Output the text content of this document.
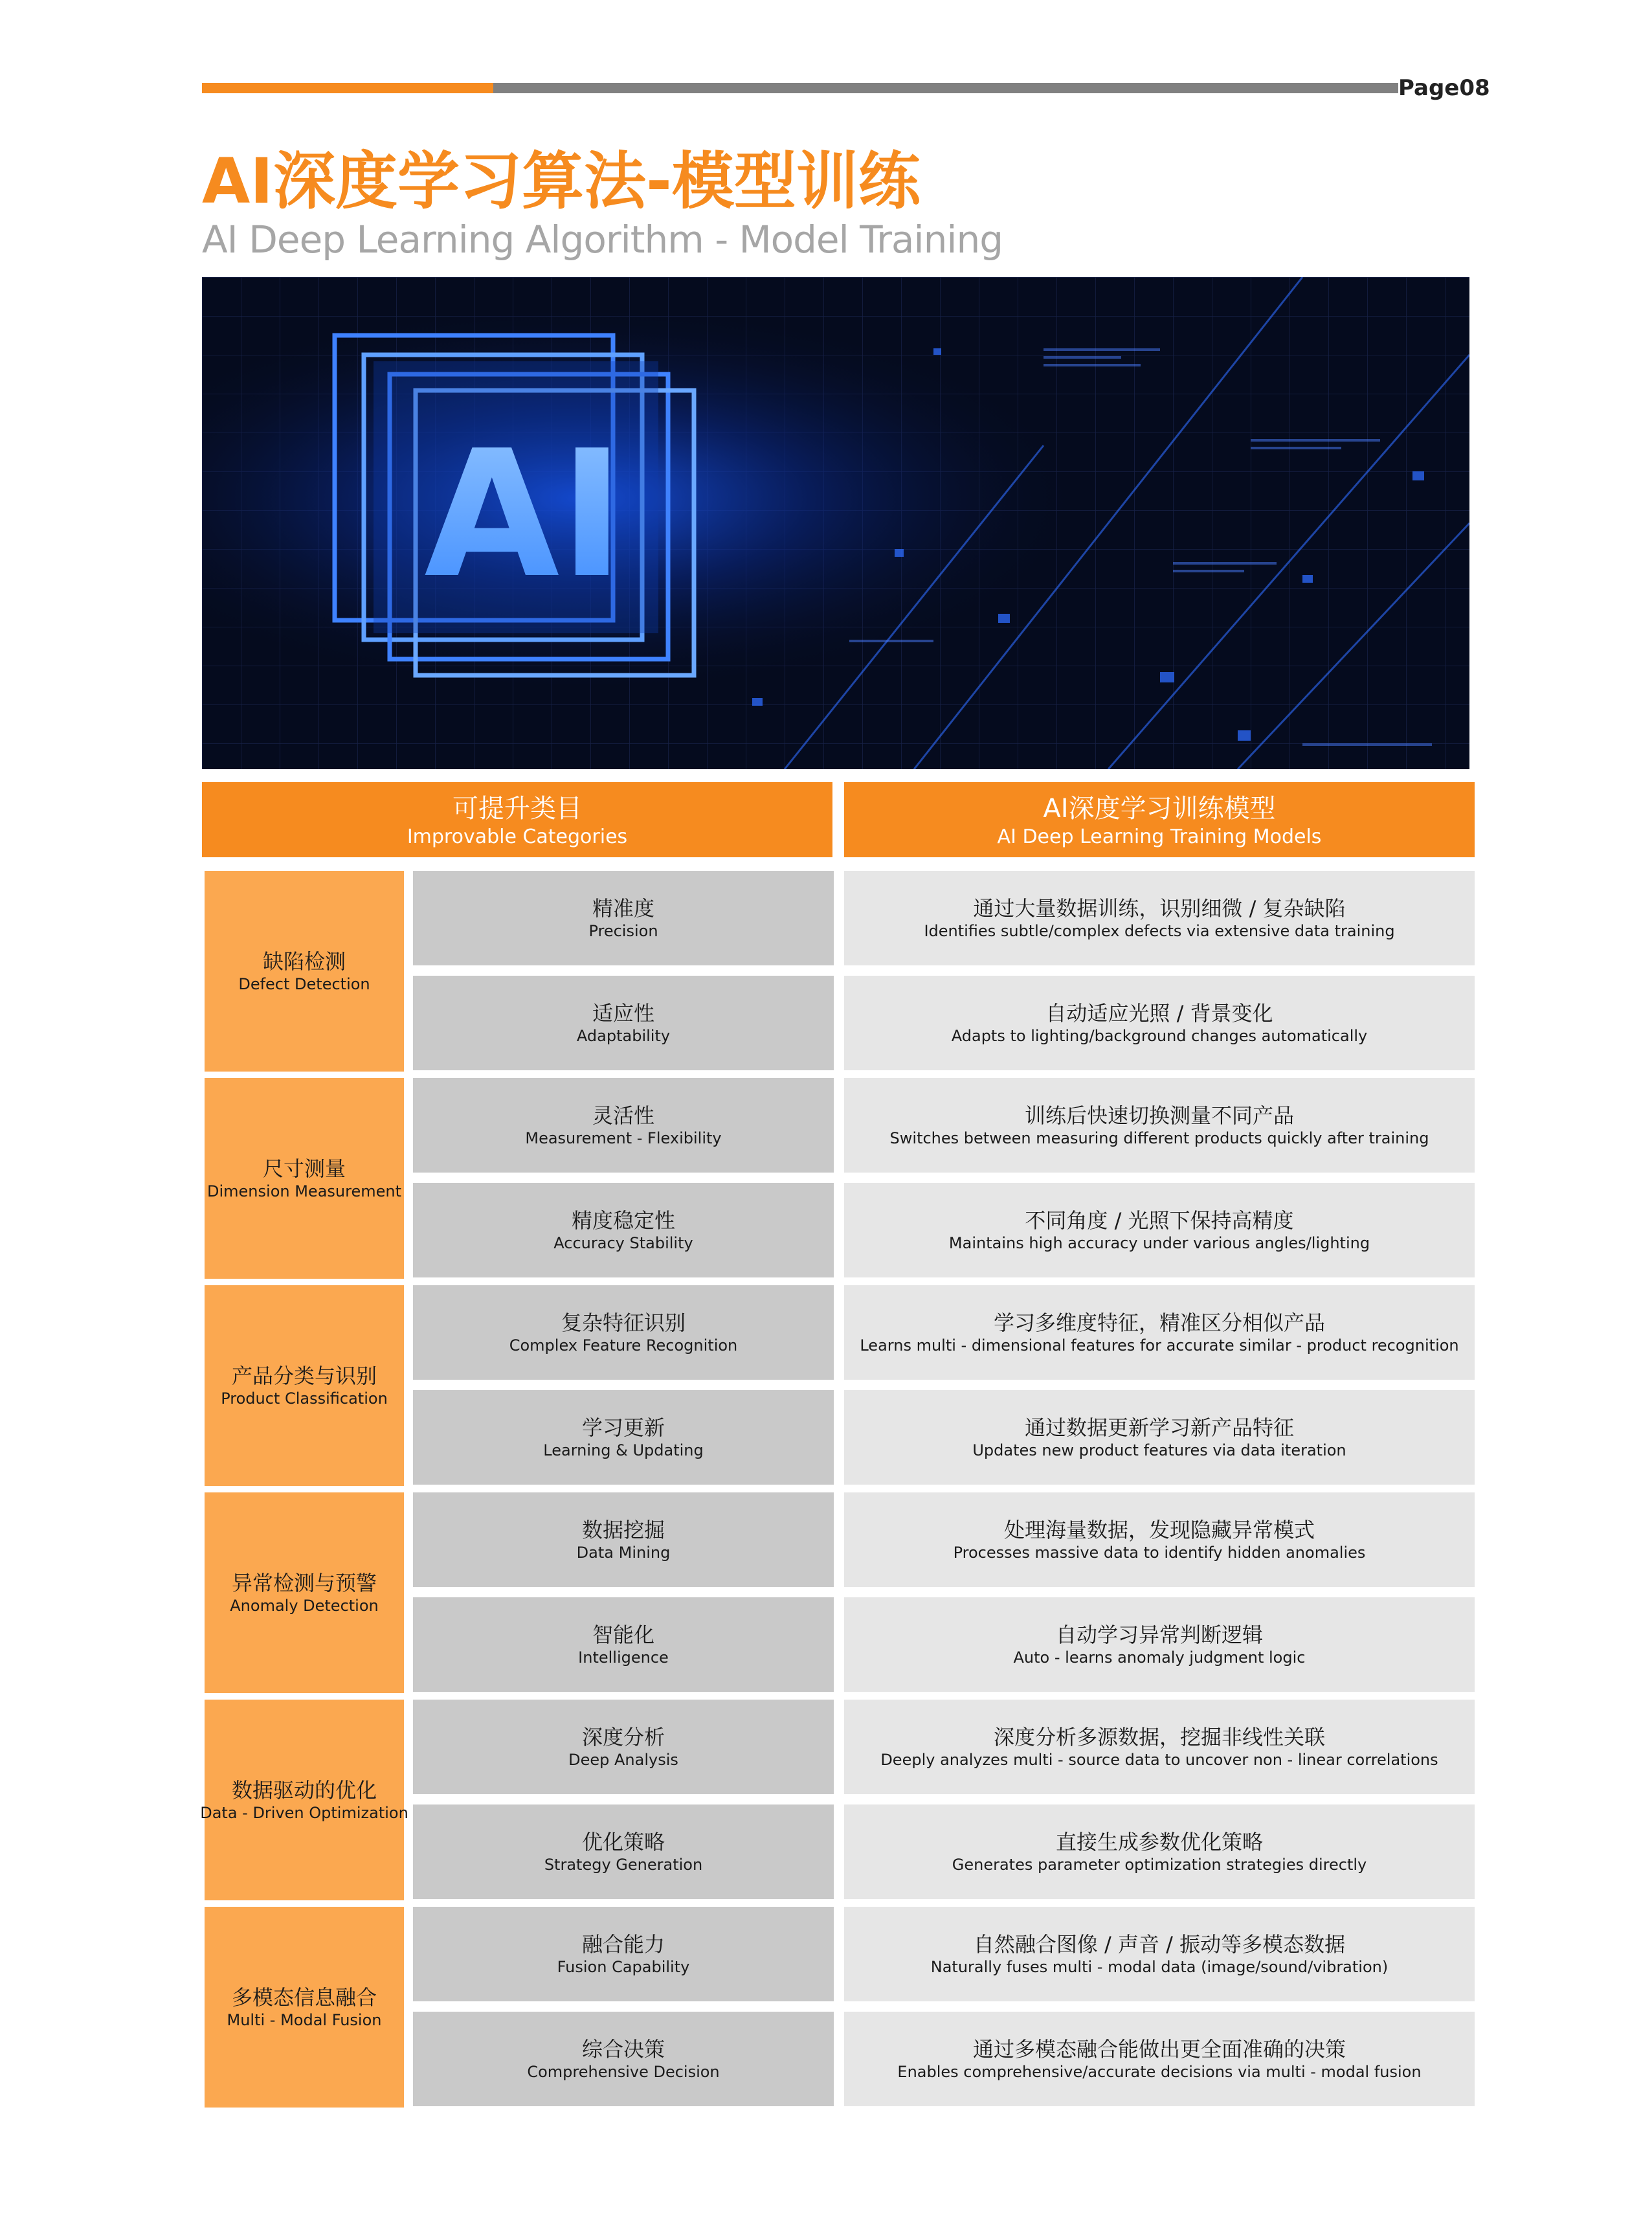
Page08
AI深度学习算法-模型训练
AI Deep Learning Algorithm - Model Training
AI
可提升类目
Improvable Categories
AI深度学习训练模型
AI Deep Learning Training Models
缺陷检测
Defect Detection
精准度
Precision
通过大量数据训练，识别细微 / 复杂缺陷
Identifies subtle/complex defects via extensive data training
适应性
Adaptability
自动适应光照 / 背景变化
Adapts to lighting/background changes automatically
尺寸测量
Dimension Measurement
灵活性
Measurement - Flexibility
训练后快速切换测量不同产品
Switches between measuring different products quickly after training
精度稳定性
Accuracy Stability
不同角度 / 光照下保持高精度
Maintains high accuracy under various angles/lighting
产品分类与识别
Product Classification
复杂特征识别
Complex Feature Recognition
学习多维度特征，精准区分相似产品
Learns multi - dimensional features for accurate similar - product recognition
学习更新
Learning & Updating
通过数据更新学习新产品特征
Updates new product features via data iteration
异常检测与预警
Anomaly Detection
数据挖掘
Data Mining
处理海量数据，发现隐藏异常模式
Processes massive data to identify hidden anomalies
智能化
Intelligence
自动学习异常判断逻辑
Auto - learns anomaly judgment logic
数据驱动的优化
Data - Driven Optimization
深度分析
Deep Analysis
深度分析多源数据，挖掘非线性关联
Deeply analyzes multi - source data to uncover non - linear correlations
优化策略
Strategy Generation
直接生成参数优化策略
Generates parameter optimization strategies directly
多模态信息融合
Multi - Modal Fusion
融合能力
Fusion Capability
自然融合图像 / 声音 / 振动等多模态数据
Naturally fuses multi - modal data (image/sound/vibration)
综合决策
Comprehensive Decision
通过多模态融合能做出更全面准确的决策
Enables comprehensive/accurate decisions via multi - modal fusion
